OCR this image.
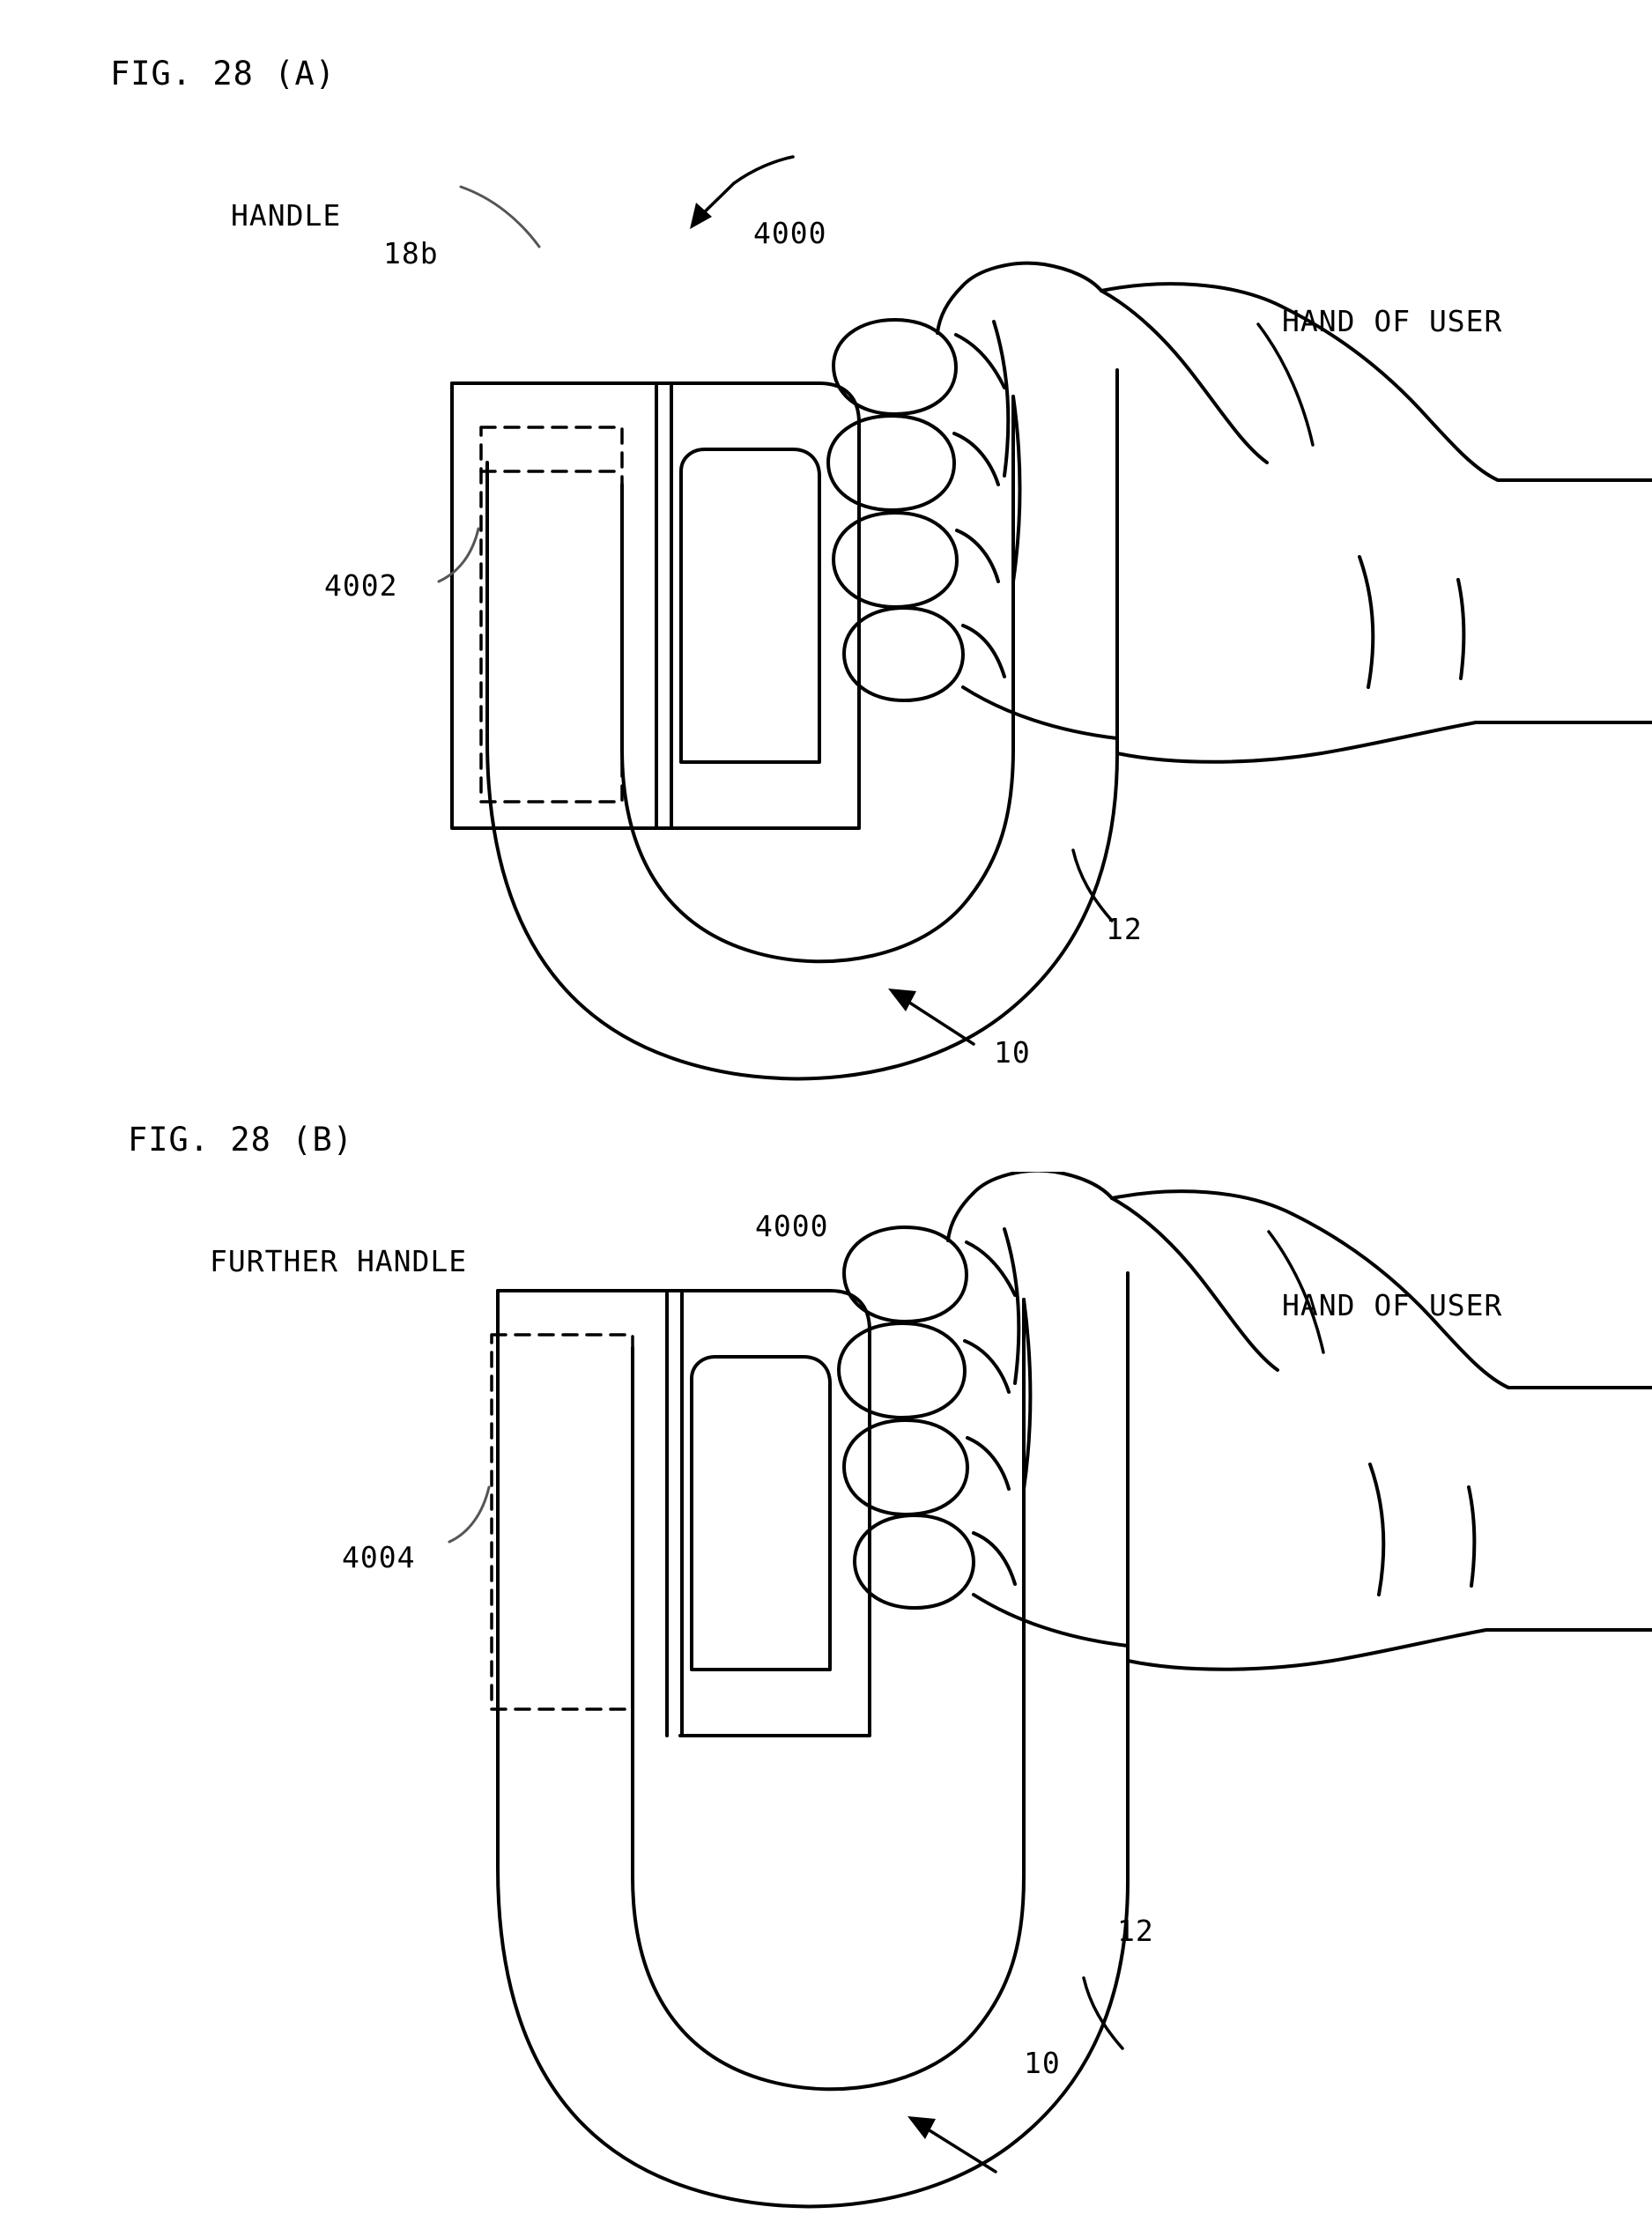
FIG. 28 (A)
HANDLE
18b
4000
HAND OF USER
4002
12
10
FIG. 28 (B)
FURTHER HANDLE
4000
HAND OF USER
4004
12
10
